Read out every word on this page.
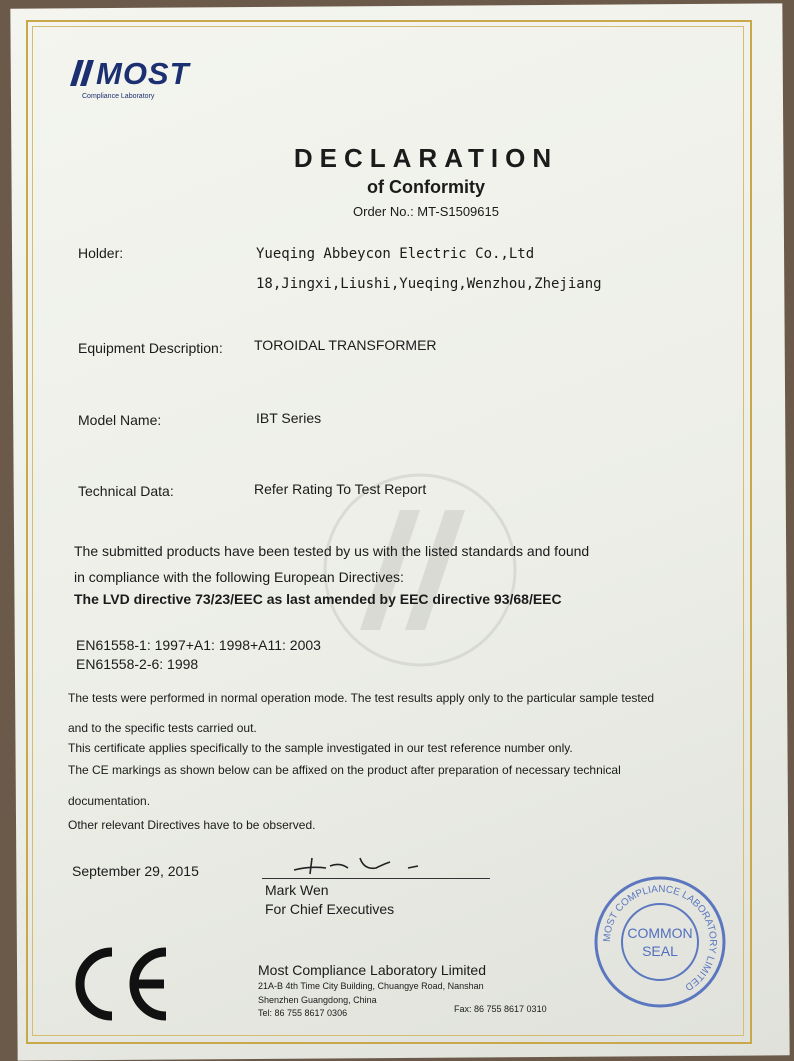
MOST
Compliance Laboratory
DECLARATION
of Conformity
Order No.: MT-S1509615
Holder:	Yueqing Abbeycon Electric Co.,Ltd
18,Jingxi,Liushi,Yueqing,Wenzhou,Zhejiang
Equipment Description: TOROIDAL TRANSFORMER
Model Name:	IBT Series
Technical Data:	Refer Rating To Test Report
The submitted products have been tested by us with the listed standards and found
in compliance with the following European Directives:
The LVD directive 73/23/EEC as last amended by EEC directive 93/68/EEC
EN61558-1: 1997+A1: 1998+A11: 2003
EN61558-2-6: 1998
The tests were performed in normal operation mode. The test results apply only to the particular sample tested
and to the specific tests carried out.
This certificate applies specifically to the sample investigated in our test reference number only.
The CE markings as shown below can be affixed on the product after preparation of necessary technical
documentation.
Other relevant Directives have to be observed.
September 29, 2015
Mark Wen
For Chief Executives
Most Compliance Laboratory Limited
21A-B 4th Time City Building, Chuangye Road, Nanshan
Shenzhen Guangdong, China
Tel: 86 755 8617 0306	Fax: 86 755 8617 0310
MOST COMPLIANCE LABORATORY LIMITED
COMMON
SEAL
